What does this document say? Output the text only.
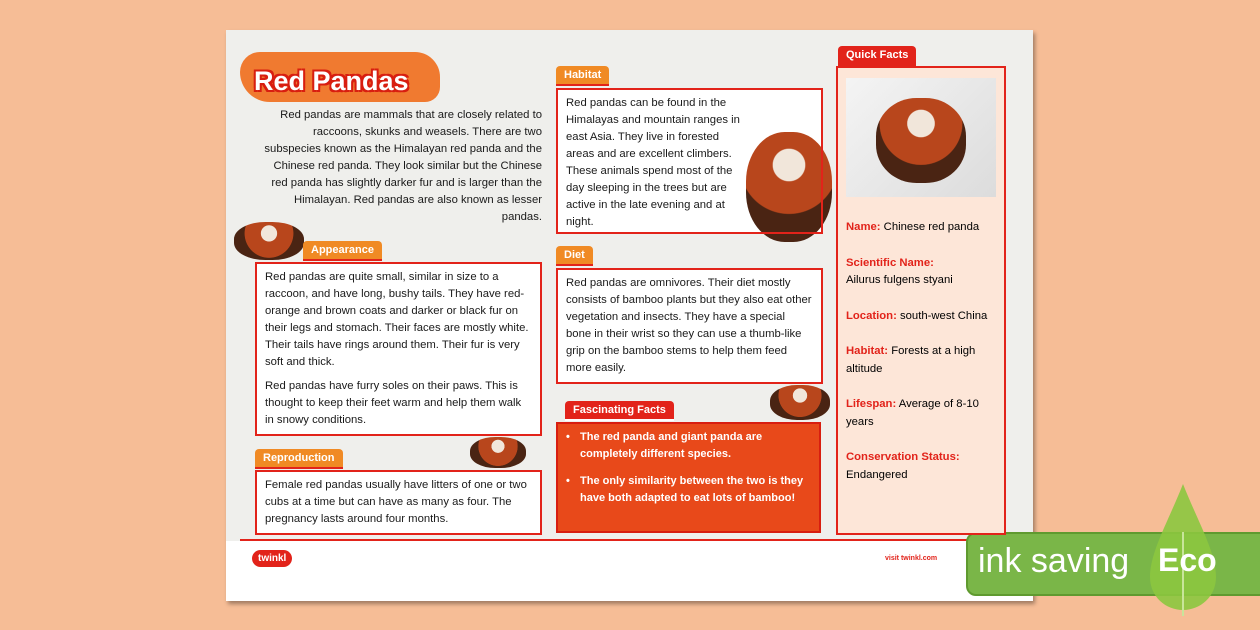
Red Pandas
Red pandas are mammals that are closely related to raccoons, skunks and weasels. There are two subspecies known as the Himalayan red panda and the Chinese red panda. They look similar but the Chinese red panda has slightly darker fur and is larger than the Himalayan. Red pandas are also known as lesser pandas.
Appearance

Red pandas are quite small, similar in size to a raccoon, and have long, bushy tails. They have red-orange and brown coats and darker or black fur on their legs and stomach. Their faces are mostly white. Their tails have rings around them. Their fur is very soft and thick.

Red pandas have furry soles on their paws. This is thought to keep their feet warm and help them walk in snowy conditions.

Reproduction

Female red pandas usually have litters of one or two cubs at a time but can have as many as four. The pregnancy lasts around four months.

Habitat

Red pandas can be found in the Himalayas and mountain ranges in east Asia. They live in forested areas and are excellent climbers. These animals spend most of the day sleeping in the trees but are active in the late evening and at night.

Diet

Red pandas are omnivores. Their diet mostly consists of bamboo plants but they also eat other vegetation and insects. They have a special bone in their wrist so they can use a thumb-like grip on the bamboo stems to help them feed more easily.

Fascinating Facts
• The red panda and giant panda are completely different species.
• The only similarity between the two is they have both adapted to eat lots of bamboo!
Quick Facts

Name: Chinese red panda

Scientific Name:
Ailurus fulgens styani

Location: south-west China

Habitat: Forests at a high altitude

Lifespan: Average of 8-10 years

Conservation Status:
Endangered

twinkl	visit twinkl.com ink saving Eco
